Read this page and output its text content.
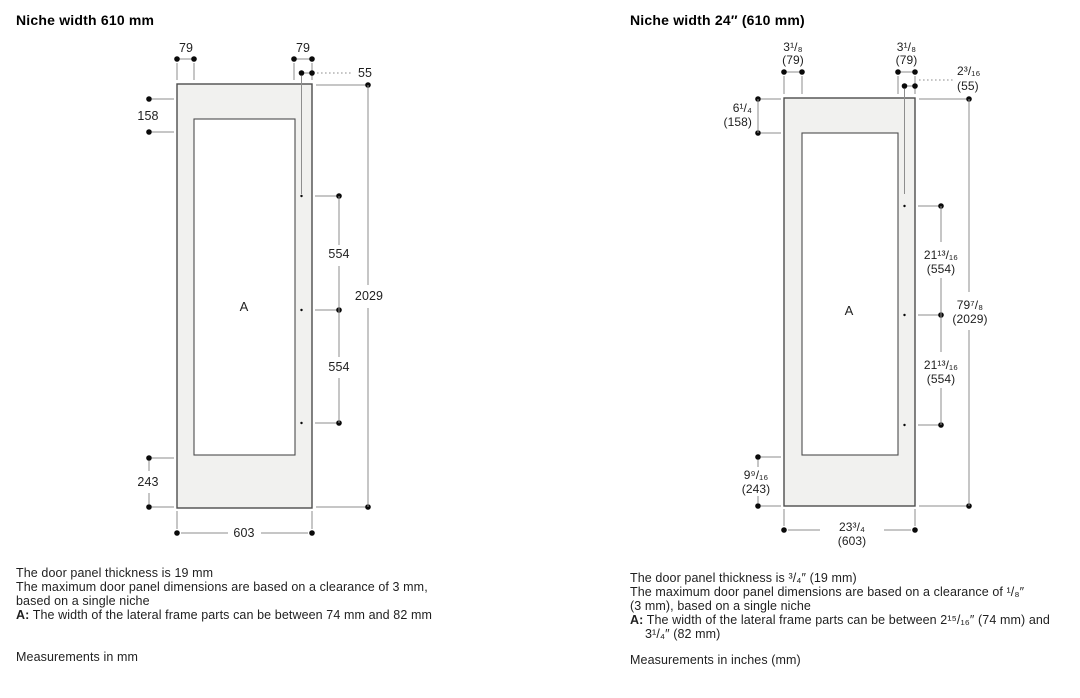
Niche width 610 mm
79	79
55
554
554
2029
158
243
603
A
The door panel thickness is 19 mm
The maximum door panel dimensions are based on a clearance of 3 mm,
based on a single niche
A: The width of the lateral frame parts can be between 74 mm and 82 mm
Measurements in mm
Niche width 24″ (610 mm)
3¹/₈
(79)
3¹/₈
(79)
2³/₁₆
(55)
21¹³/₁₆
(554)
21¹³/₁₆
(554)
79⁷/₈
(2029)
6¹/₄
(158)
9⁹/₁₆
(243)
23³/₄
(603)
A
The door panel thickness is ³/₄″ (19 mm)
The maximum door panel dimensions are based on a clearance of ¹/₈″
(3 mm), based on a single niche
A: The width of the lateral frame parts can be between 2¹⁵/₁₆″ (74 mm) and
3¹/₄″ (82 mm)
Measurements in inches (mm)
